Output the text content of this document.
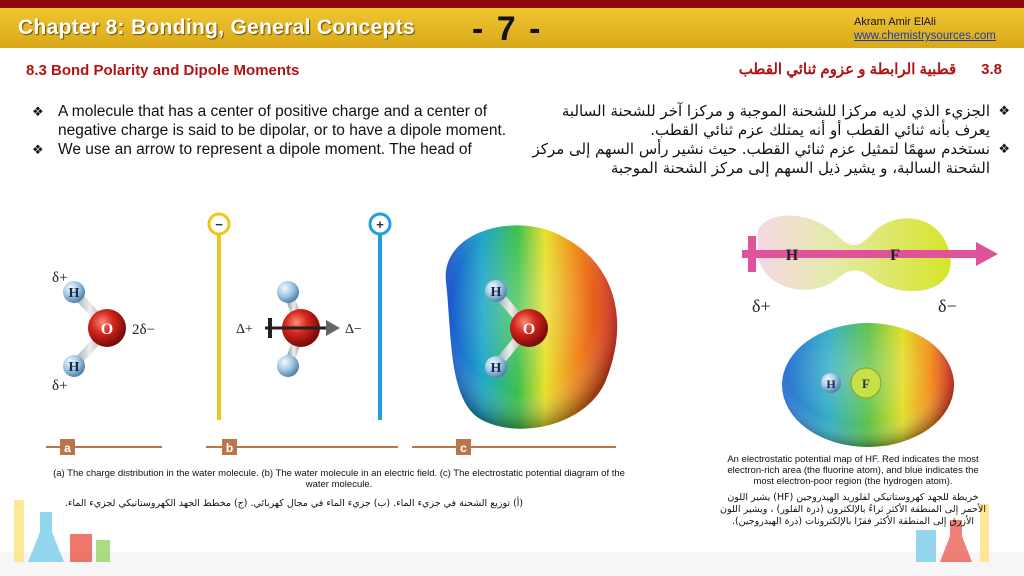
Chapter 8: Bonding, General Concepts - 7 -	Akram Amir ElAli
www.chemistrysources.com
8.3 Bond Polarity and Dipole Moments	3.8      قطبية الرابطة و عزوم ثنائي القطب
❖ A molecule that has a center of positive charge and a center of negative charge is said to be dipolar, or to have a dipole moment.
❖ We use an arrow to represent a dipole moment. The head of
❖ الجزيء الذي لديه مركزا للشحنة الموجبة و مركزا آخر للشحنة السالبة يعرف بأنه ثنائي القطب أو أنه يمتلك عزم ثنائي القطب.
❖ نستخدم سهمًا لتمثيل عزم ثنائي القطب. حيث نشير رأس السهم إلى مركز الشحنة السالبة، و يشير ذيل السهم إلى مركز الشحنة الموجبة
H
H
O
δ+
δ+
2δ−
a
−	+
Δ+	Δ−
b
H
H
O
c
H	F
δ+	δ−
H F
(a) The charge distribution in the water molecule. (b) The water molecule in an electric field. (c) The electrostatic potential diagram of the water molecule.
(أ) توزيع الشحنة في جزيء الماء. (ب) جزيء الماء في مجال كهربائي. (ج) مخطط الجهد الكهروستاتيكي لجزيء الماء.
An electrostatic potential map of HF. Red indicates the most electron-rich area (the fluorine atom), and blue indicates the most electron-poor region (the hydrogen atom).
خريطة للجهد كهروستاتيكي لفلوريد الهيدروجين (HF) يشير اللون الأحمر إلى المنطقة الأكثر ثراءً بالإلكترون (ذرة الفلور) ، ويشير اللون الأزرق إلى المنطقة الأكثر فقرًا بالإلكترونات (ذرة الهيدروجين).
